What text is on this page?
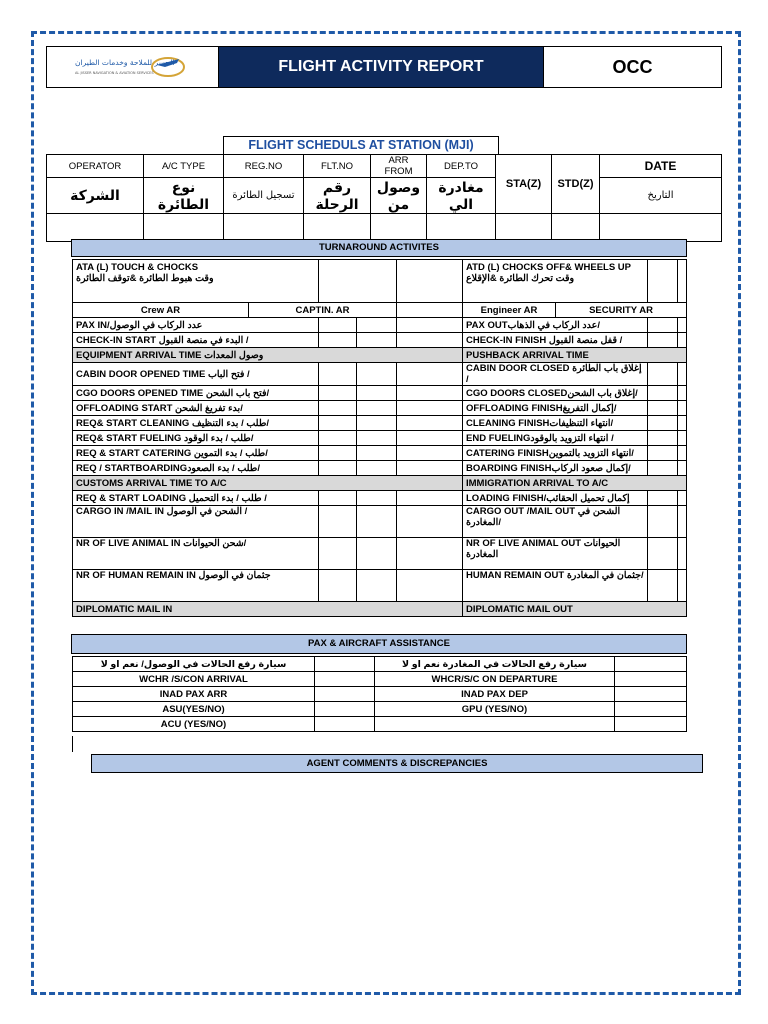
الجسر للملاحة وخدمات الطيران
AL JISSER NAVIGATION & AVIATION SERVICES	FLIGHT ACTIVITY REPORT	OCC
FLIGHT SCHEDULS AT STATION (MJI)
OPERATOR	A/C TYPE	REG.NO	FLT.NO	ARR FROM	DEP.TO	STA(Z)	STD(Z)	DATE
الشركة	نوع الطائرة	تسجيل الطائرة	رقم الرحلة	وصول من	مغادرة الي			التاريخ

TURNAROUND ACTIVITES
ATA (L) TOUCH & CHOCKS
وقت هبوط الطائرة &توقف الطائرة					ATD (L) CHOCKS OFF& WHEELS UP
وقت تحرك الطائرة &الإقلاع			
Crew AR	CAPTIN. AR				Engineer AR	SECURITY AR		
PAX IN/عدد الركاب في الوصول					PAX OUTعدد الركاب في الذهاب/			
CHECK-IN START البدء في منصة القبول /					CHECK-IN FINISH قفل منصة القبول /			
EQUIPMENT ARRIVAL TIME وصول المعدات					PUSHBACK ARRIVAL TIME			
CABIN DOOR OPENED TIME فتح الباب /					CABIN DOOR CLOSED إغلاق باب الطائرة /			
CGO DOORS OPENED TIME فتح باب الشحن/					CGO DOORS CLOSEDإغلاق باب الشحن/			
OFFLOADING START بدء تفريغ الشحن/					OFFLOADING FINISHإكمال التفريغ/			
REQ& START CLEANING طلب / بدء التنظيف/					CLEANING FINISHانتهاء التنظيفات/			
REQ& START FUELING طلب / بدء الوقود/					END FUELINGانتهاء التزويد بالوقود /			
REQ & START CATERING طلب / بدء التموين/					CATERING FINISHانتهاء التزويد بالتموين/			
REQ / STARTBOARDINGطلب / بدء الصعود/					BOARDING FINISHإكمال صعود الركاب/			
CUSTOMS ARRIVAL TIME TO A/C					IMMIGRATION ARRIVAL TO A/C			
REQ & START LOADING طلب / بدء التحميل /					LOADING FINISH/إكمال تحميل الحقائب			
CARGO IN /MAIL IN الشحن في الوصول /					CARGO OUT /MAIL OUT الشحن في المغادرة/			
NR OF LIVE ANIMAL IN شحن الحيوانات/					NR OF LIVE ANIMAL OUT الحيوانات المغادرة			
NR OF HUMAN REMAIN IN جثمان في الوصول					HUMAN REMAIN OUT جثمان في المغادرة/			
DIPLOMATIC MAIL IN					DIPLOMATIC MAIL OUT			
PAX & AIRCRAFT ASSISTANCE
سيارة رفع الحالات في الوصول/ نعم او لا		سيارة رفع الحالات في المغادرة نعم او لا	
WCHR /S/CON ARRIVAL		WHCR/S/C ON DEPARTURE	
INAD PAX ARR		INAD PAX DEP	
ASU(YES/NO)		GPU (YES/NO)	
ACU (YES/NO)			
AGENT COMMENTS & DISCREPANCIES
